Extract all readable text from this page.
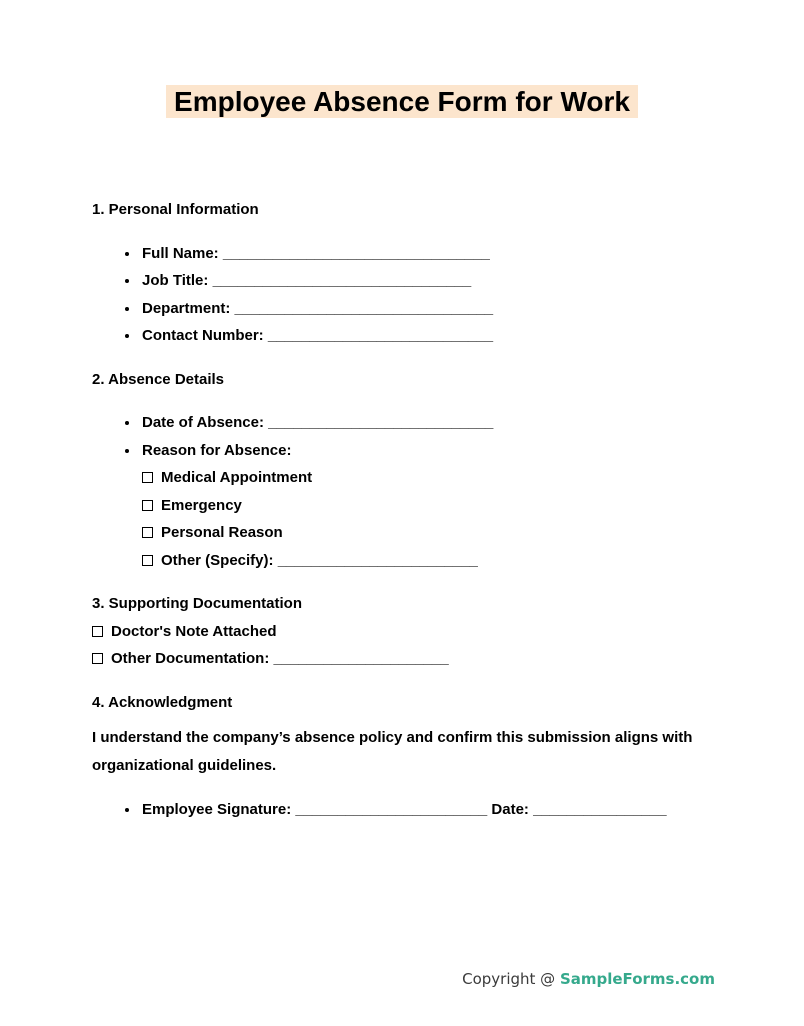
Employee Absence Form for Work

1. Personal Information

• Full Name: ________________________________
• Job Title: _______________________________
• Department: _______________________________
• Contact Number: ___________________________

2. Absence Details

• Date of Absence: ___________________________
• Reason for Absence:
Medical Appointment
Emergency
Personal Reason
Other (Specify): ________________________

3. Supporting Documentation

Doctor's Note Attached

Other Documentation: _____________________

4. Acknowledgment

I understand the company’s absence policy and confirm this submission aligns with organizational guidelines.

• Employee Signature: _______________________ Date: ________________
Copyright @ SampleForms.com
